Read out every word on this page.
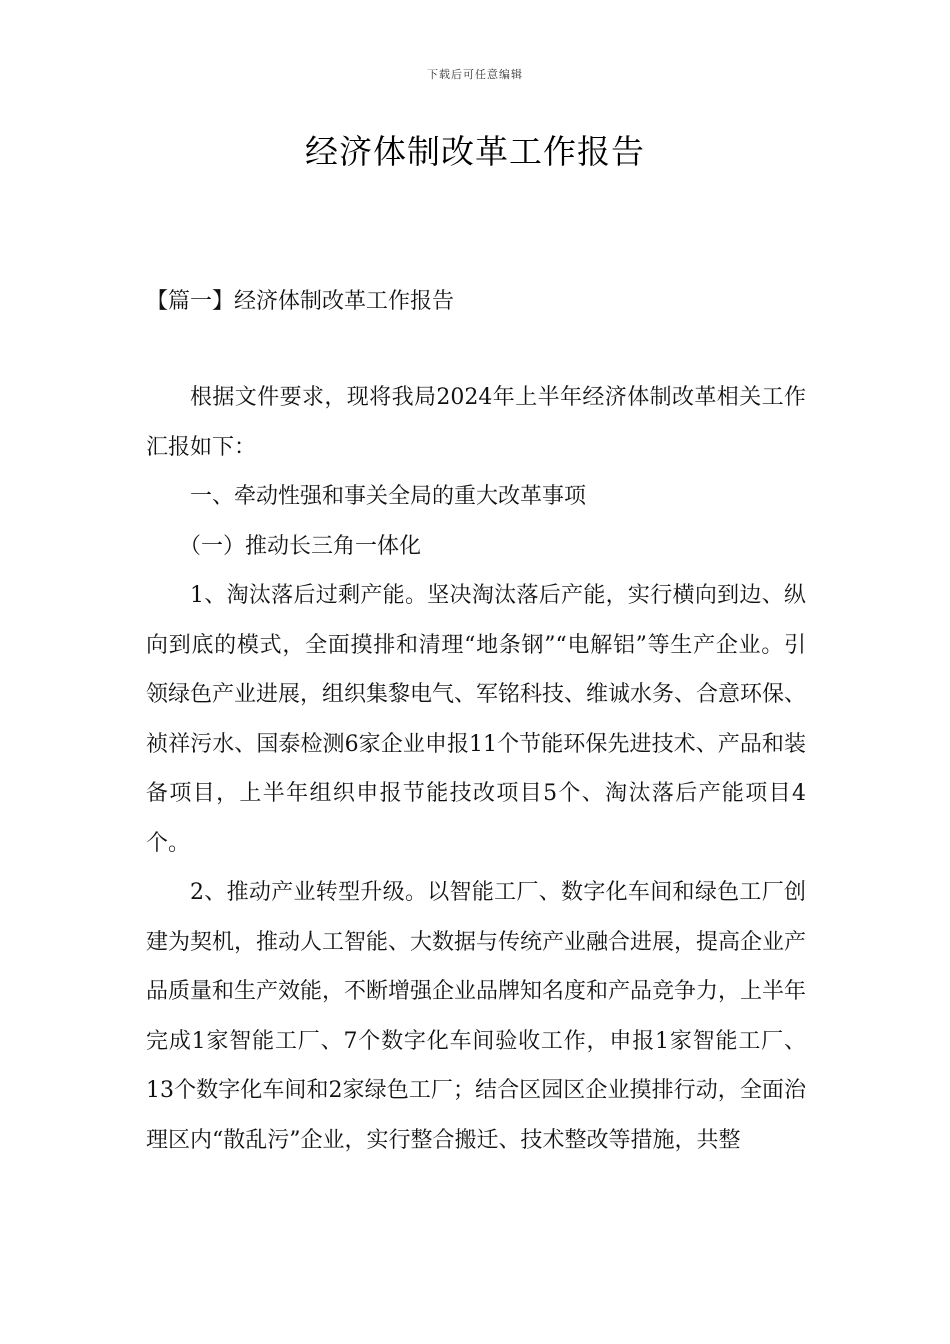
下载后可任意编辑
经济体制改革工作报告
【篇一】经济体制改革工作报告

根据文件要求，现将我局2024年上半年经济体制改革相关工作汇报如下：

一、牵动性强和事关全局的重大改革事项

（一）推动长三角一体化

1、淘汰落后过剩产能。坚决淘汰落后产能，实行横向到边、纵向到底的模式，全面摸排和清理“地条钢”“电解铝”等生产企业。引领绿色产业进展，组织集黎电气、军铭科技、维诚水务、合意环保、祯祥污水、国泰检测6家企业申报11个节能环保先进技术、产品和装备项目，上半年组织申报节能技改项目5个、淘汰落后产能项目4个。

2、推动产业转型升级。以智能工厂、数字化车间和绿色工厂创建为契机，推动人工智能、大数据与传统产业融合进展，提高企业产品质量和生产效能，不断增强企业品牌知名度和产品竞争力，上半年完成1家智能工厂、7个数字化车间验收工作，申报1家智能工厂、13个数字化车间和2家绿色工厂；结合区园区企业摸排行动，全面治理区内“散乱污”企业，实行整合搬迁、技术整改等措施，共整
